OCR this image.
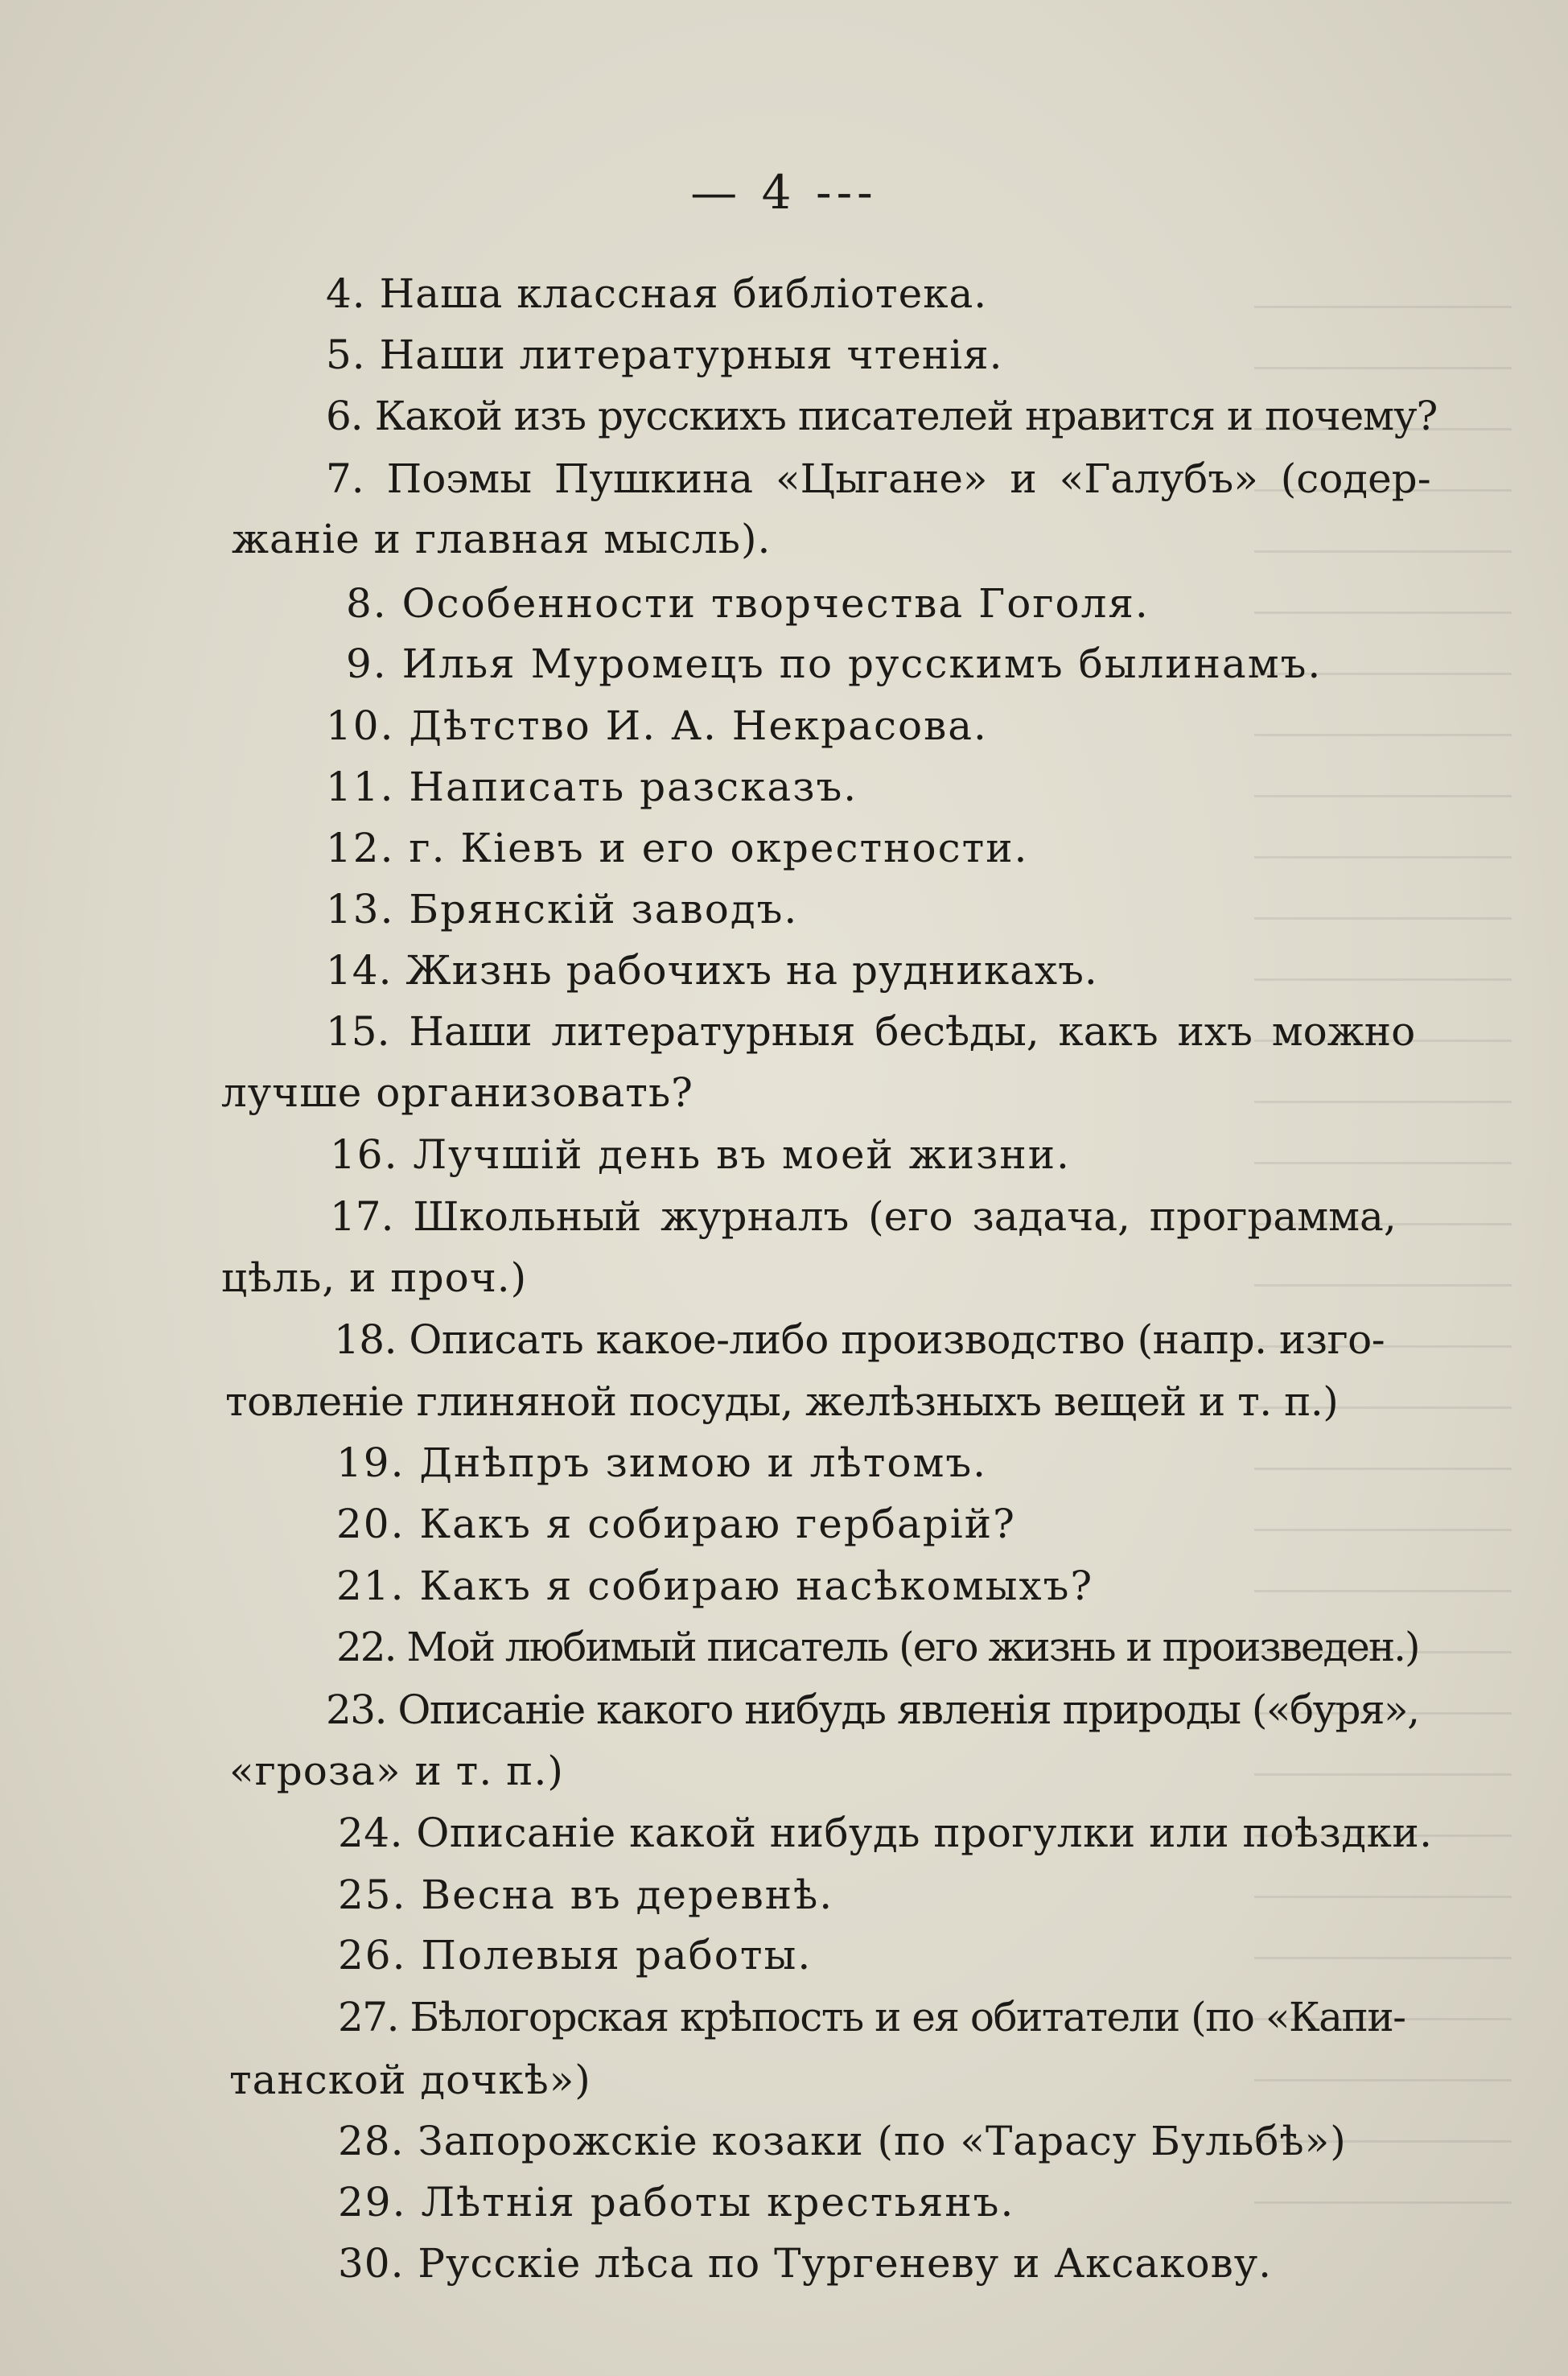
— 4 ---
4. Наша классная библіотека.
5. Наши литературныя чтенія.
6. Какой изъ русскихъ писателей нравится и почему?
7. Поэмы Пушкина «Цыгане» и «Галубъ» (содер-
жаніе и главная мысль).
8. Особенности творчества Гоголя.
9. Илья Муромецъ по русскимъ былинамъ.
10. Дѣтство И. А. Некрасова.
11. Написать разсказъ.
12. г. Кіевъ и его окрестности.
13. Брянскій заводъ.
14. Жизнь рабочихъ на рудникахъ.
15. Наши литературныя бесѣды, какъ ихъ можно
лучше организовать?
16. Лучшій день въ моей жизни.
17. Школьный журналъ (его задача, программа,
цѣль, и проч.)
18. Описать какое-либо производство (напр. изго-
товленіе глиняной посуды, желѣзныхъ вещей и т. п.)
19. Днѣпръ зимою и лѣтомъ.
20. Какъ я собираю гербарій?
21. Какъ я собираю насѣкомыхъ?
22. Мой любимый писатель (его жизнь и произведен.)
23. Описаніе какого нибудь явленія природы («буря»,
«гроза» и т. п.)
24. Описаніе какой нибудь прогулки или поѣздки.
25. Весна въ деревнѣ.
26. Полевыя работы.
27. Бѣлогорская крѣпость и ея обитатели (по «Капи-
танской дочкѣ»)
28. Запорожскіе козаки (по «Тарасу Бульбѣ»)
29. Лѣтнія работы крестьянъ.
30. Русскіе лѣса по Тургеневу и Аксакову.
